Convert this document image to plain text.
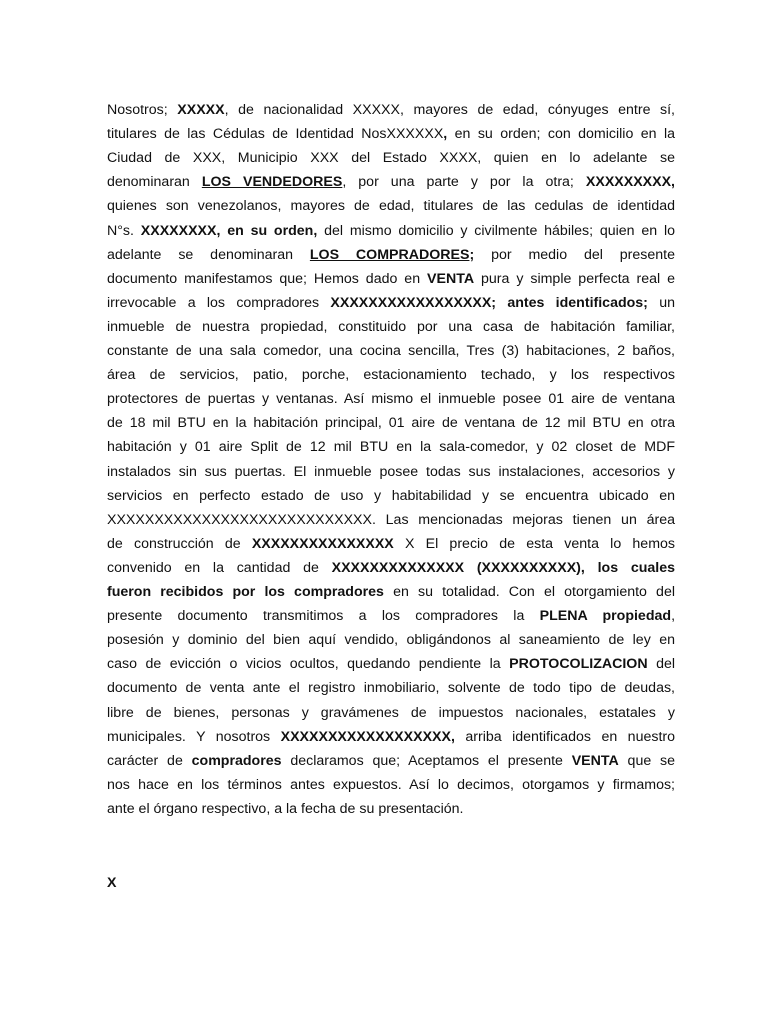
Nosotros; XXXXX, de nacionalidad XXXXX, mayores de edad, cónyuges entre sí,
titulares de las Cédulas de Identidad NosXXXXXX, en su orden; con domicilio en la
Ciudad de XXX, Municipio XXX del Estado XXXX, quien en lo adelante se
denominaran LOS VENDEDORES, por una parte y por la otra; XXXXXXXXX,
quienes son venezolanos, mayores de edad, titulares de las cedulas de identidad
N°s. XXXXXXXX, en su orden, del mismo domicilio y civilmente hábiles; quien en lo
adelante se denominaran LOS COMPRADORES; por medio del presente
documento manifestamos que; Hemos dado en VENTA pura y simple perfecta real e
irrevocable a los compradores XXXXXXXXXXXXXXXXX; antes identificados; un
inmueble de nuestra propiedad, constituido por una casa de habitación familiar,
constante de una sala comedor, una cocina sencilla, Tres (3) habitaciones, 2 baños,
área de servicios, patio, porche, estacionamiento techado, y los respectivos
protectores de puertas y ventanas. Así mismo el inmueble posee 01 aire de ventana
de 18 mil BTU en la habitación principal, 01 aire de ventana de 12 mil BTU en otra
habitación y 01 aire Split de 12 mil BTU en la sala-comedor, y 02 closet de MDF
instalados sin sus puertas. El inmueble posee todas sus instalaciones, accesorios y
servicios en perfecto estado de uso y habitabilidad y se encuentra ubicado en
XXXXXXXXXXXXXXXXXXXXXXXXXXXX. Las mencionadas mejoras tienen un área
de construcción de XXXXXXXXXXXXXXX X El precio de esta venta lo hemos
convenido en la cantidad de XXXXXXXXXXXXXX (XXXXXXXXXX), los cuales
fueron recibidos por los compradores en su totalidad. Con el otorgamiento del
presente documento transmitimos a los compradores la PLENA propiedad,
posesión y dominio del bien aquí vendido, obligándonos al saneamiento de ley en
caso de evicción o vicios ocultos, quedando pendiente la PROTOCOLIZACION del
documento de venta ante el registro inmobiliario, solvente de todo tipo de deudas,
libre de bienes, personas y gravámenes de impuestos nacionales, estatales y
municipales. Y nosotros XXXXXXXXXXXXXXXXXX, arriba identificados en nuestro
carácter de compradores declaramos que; Aceptamos el presente VENTA que se
nos hace en los términos antes expuestos. Así lo decimos, otorgamos y firmamos;
ante el órgano respectivo, a la fecha de su presentación.
X
